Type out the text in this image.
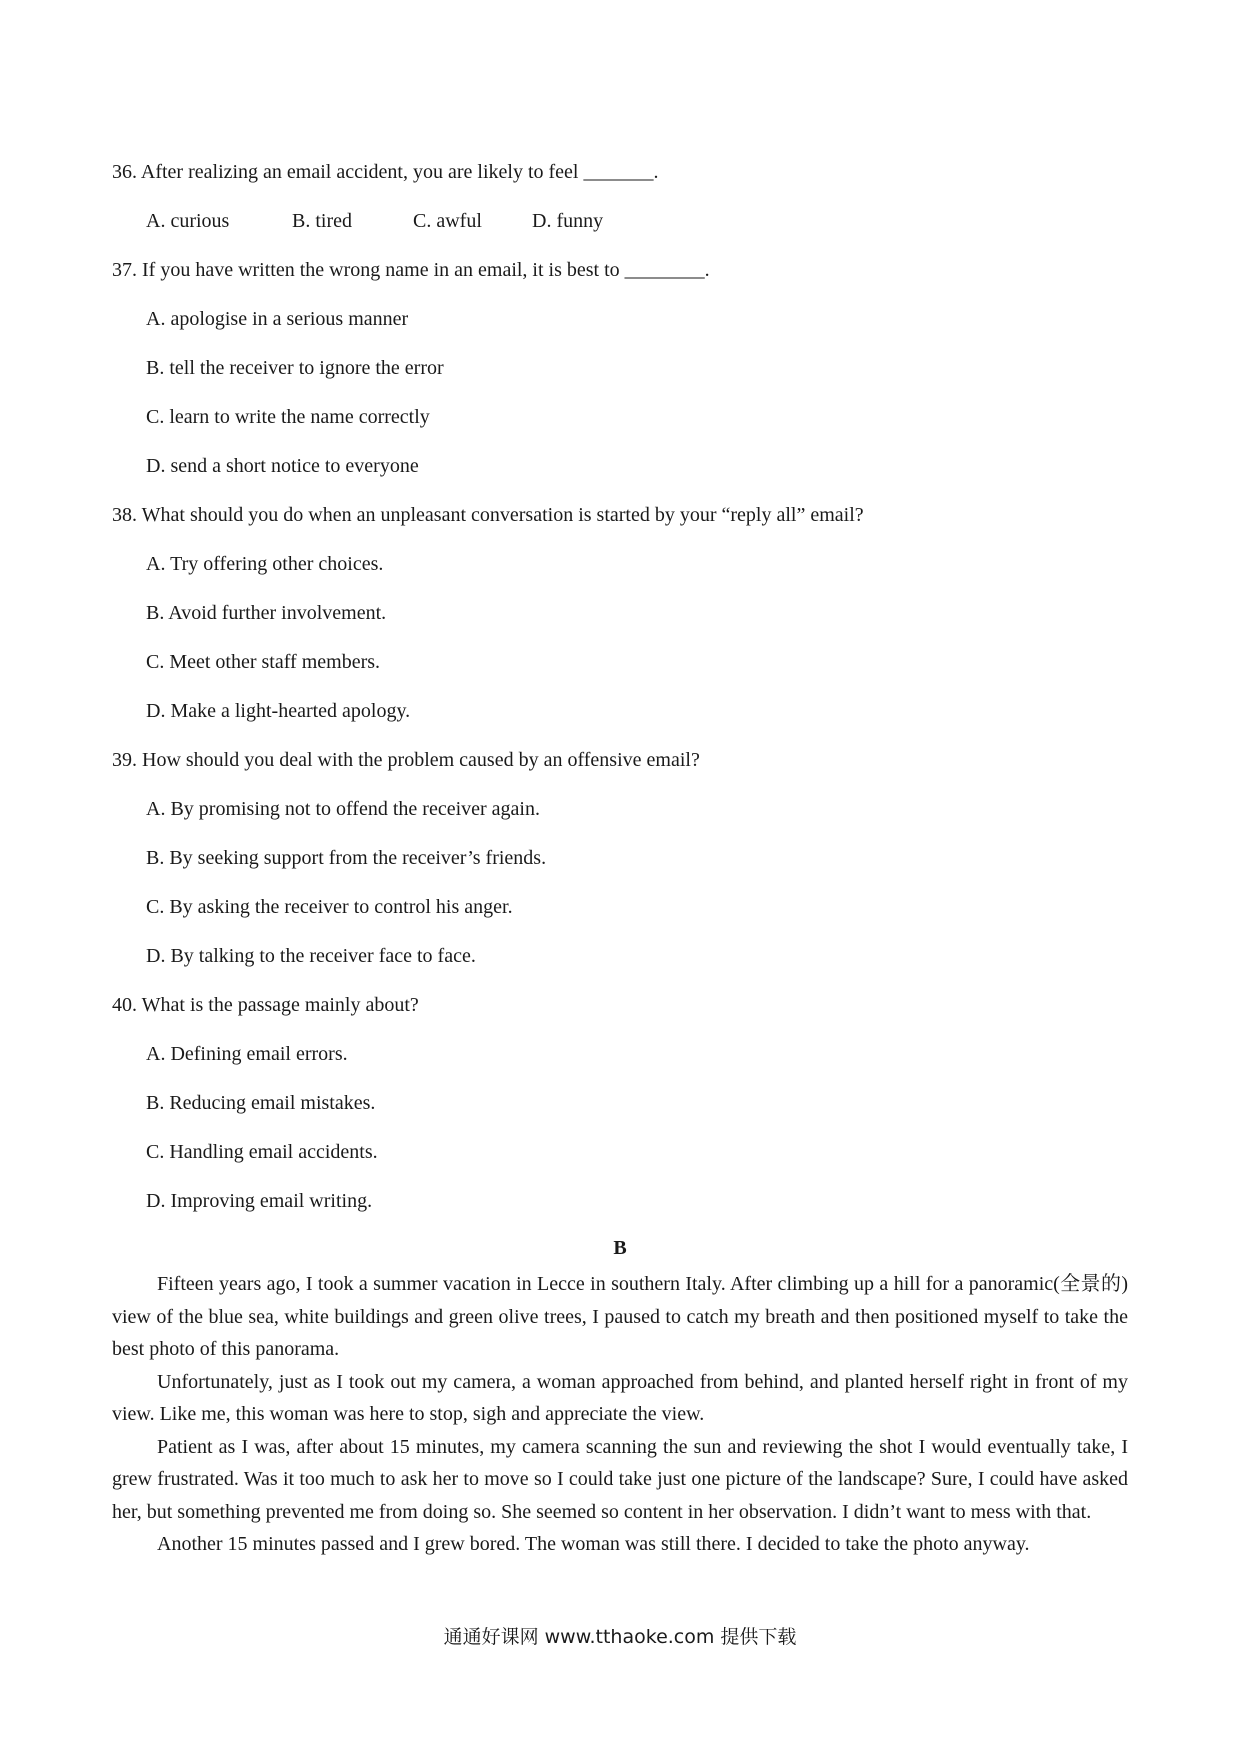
36. After realizing an email accident, you are likely to feel _______.
A. curious	B. tired	C. awful	D. funny
37. If you have written the wrong name in an email, it is best to ________.
A. apologise in a serious manner
B. tell the receiver to ignore the error
C. learn to write the name correctly
D. send a short notice to everyone
38. What should you do when an unpleasant conversation is started by your “reply all” email?
A. Try offering other choices.
B. Avoid further involvement.
C. Meet other staff members.
D. Make a light-hearted apology.
39. How should you deal with the problem caused by an offensive email?
A. By promising not to offend the receiver again.
B. By seeking support from the receiver’s friends.
C. By asking the receiver to control his anger.
D. By talking to the receiver face to face.
40. What is the passage mainly about?
A. Defining email errors.
B. Reducing email mistakes.
C. Handling email accidents.
D. Improving email writing.
B

Fifteen years ago, I took a summer vacation in Lecce in southern Italy. After climbing up a hill for a panoramic(全景的) view of the blue sea, white buildings and green olive trees, I paused to catch my breath and then positioned myself to take the best photo of this panorama.

Unfortunately, just as I took out my camera, a woman approached from behind, and planted herself right in front of my view. Like me, this woman was here to stop, sigh and appreciate the view.

Patient as I was, after about 15 minutes, my camera scanning the sun and reviewing the shot I would eventually take, I grew frustrated. Was it too much to ask her to move so I could take just one picture of the landscape? Sure, I could have asked her, but something prevented me from doing so. She seemed so content in her observation. I didn’t want to mess with that.

Another 15 minutes passed and I grew bored. The woman was still there. I decided to take the photo anyway.

通通好课网 www.tthaoke.com 提供下载
